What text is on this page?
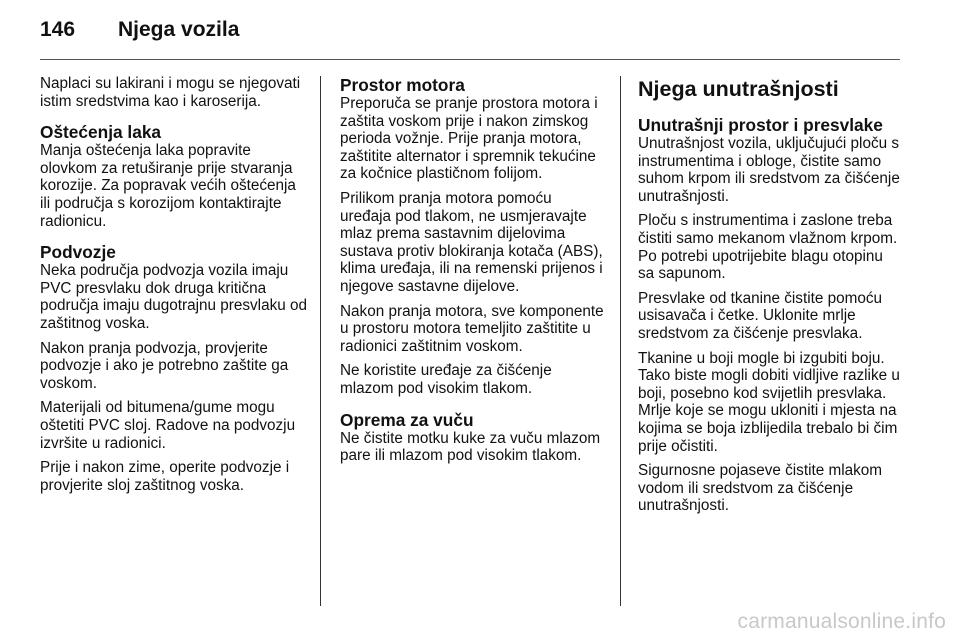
146 Njega vozila

Naplaci su lakirani i mogu se njegovati istim sredstvima kao i karoserija.

Oštećenja laka

Manja oštećenja laka popravite olovkom za retuširanje prije stvaranja korozije. Za popravak većih oštećenja ili područja s korozijom kontaktirajte radionicu.

Podvozje

Neka područja podvozja vozila imaju PVC presvlaku dok druga kritična područja imaju dugotrajnu presvlaku od zaštitnog voska.

Nakon pranja podvozja, provjerite podvozje i ako je potrebno zaštite ga voskom.

Materijali od bitumena/gume mogu oštetiti PVC sloj. Radove na podvozju izvršite u radionici.

Prije i nakon zime, operite podvozje i provjerite sloj zaštitnog voska.

Prostor motora

Preporuča se pranje prostora motora i zaštita voskom prije i nakon zimskog perioda vožnje. Prije pranja motora, zaštitite alternator i spremnik tekućine za kočnice plastičnom folijom.

Prilikom pranja motora pomoću uređaja pod tlakom, ne usmjeravajte mlaz prema sastavnim dijelovima sustava protiv blokiranja kotača (ABS), klima uređaja, ili na remenski prijenos i njegove sastavne dijelove.

Nakon pranja motora, sve komponente u prostoru motora temeljito zaštitite u radionici zaštitnim voskom.

Ne koristite uređaje za čišćenje mlazom pod visokim tlakom.

Oprema za vuču

Ne čistite motku kuke za vuču mlazom pare ili mlazom pod visokim tlakom.

Njega unutrašnjosti
Unutrašnji prostor i presvlake

Unutrašnjost vozila, uključujući ploču s instrumentima i obloge, čistite samo suhom krpom ili sredstvom za čišćenje unutrašnjosti.

Ploču s instrumentima i zaslone treba čistiti samo mekanom vlažnom krpom. Po potrebi upotrijebite blagu otopinu sa sapunom.

Presvlake od tkanine čistite pomoću usisavača i četke. Uklonite mrlje sredstvom za čišćenje presvlaka.

Tkanine u boji mogle bi izgubiti boju. Tako biste mogli dobiti vidljive razlike u boji, posebno kod svijetlih presvlaka. Mrlje koje se mogu ukloniti i mjesta na kojima se boja izblijedila trebalo bi čim prije očistiti.

Sigurnosne pojaseve čistite mlakom vodom ili sredstvom za čišćenje unutrašnjosti.

carmanualsonline.info
